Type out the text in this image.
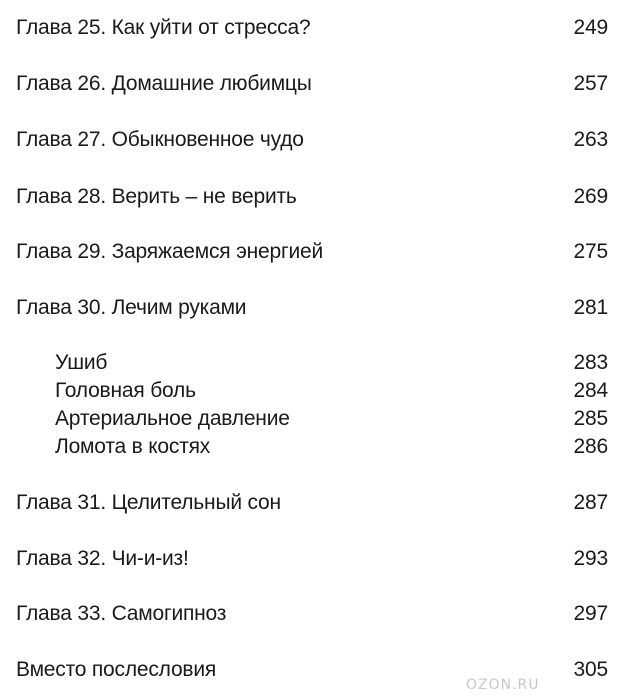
Глава 25. Как уйти от стресса?	249
Глава 26. Домашние любимцы	257
Глава 27. Обыкновенное чудо	263
Глава 28. Верить – не верить	269
Глава 29. Заряжаемся энергией	275
Глава 30. Лечим руками	281
Ушиб	283
Головная боль	284
Артериальное давление	285
Ломота в костях	286
Глава 31. Целительный сон	287
Глава 32. Чи-и-из!	293
Глава 33. Самогипноз	297
Вместо послесловия	305
OZON.RU
